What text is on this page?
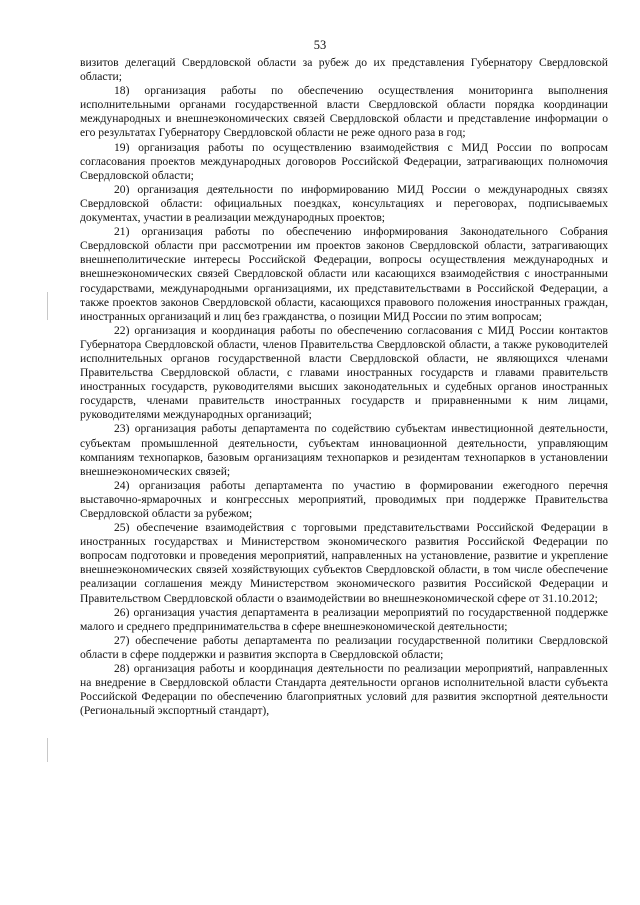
53

визитов делегаций Свердловской области за рубеж до их представления Губернатору Свердловской области;

18) организация работы по обеспечению осуществления мониторинга выполнения исполнительными органами государственной власти Свердловской области порядка координации международных и внешнеэкономических связей Свердловской области и представление информации о его результатах Губернатору Свердловской области не реже одного раза в год;

19) организация работы по осуществлению взаимодействия с МИД России по вопросам согласования проектов международных договоров Российской Федерации, затрагивающих полномочия Свердловской области;

20) организация деятельности по информированию МИД России о международных связях Свердловской области: официальных поездках, консультациях и переговорах, подписываемых документах, участии в реализации международных проектов;

21) организация работы по обеспечению информирования Законодательного Собрания Свердловской области при рассмотрении им проектов законов Свердловской области, затрагивающих внешнеполитические интересы Российской Федерации, вопросы осуществления международных и внешнеэкономических связей Свердловской области или касающихся взаимодействия с иностранными государствами, международными организациями, их представительствами в Российской Федерации, а также проектов законов Свердловской области, касающихся правового положения иностранных граждан, иностранных организаций и лиц без гражданства, о позиции МИД России по этим вопросам;

22) организация и координация работы по обеспечению согласования с МИД России контактов Губернатора Свердловской области, членов Правительства Свердловской области, а также руководителей исполнительных органов государственной власти Свердловской области, не являющихся членами Правительства Свердловской области, с главами иностранных государств и главами правительств иностранных государств, руководителями высших законодательных и судебных органов иностранных государств, членами правительств иностранных государств и приравненными к ним лицами, руководителями международных организаций;

23) организация работы департамента по содействию субъектам инвестиционной деятельности, субъектам промышленной деятельности, субъектам инновационной деятельности, управляющим компаниям технопарков, базовым организациям технопарков и резидентам технопарков в установлении внешнеэкономических связей;

24) организация работы департамента по участию в формировании ежегодного перечня выставочно-ярмарочных и конгрессных мероприятий, проводимых при поддержке Правительства Свердловской области за рубежом;

25) обеспечение взаимодействия с торговыми представительствами Российской Федерации в иностранных государствах и Министерством экономического развития Российской Федерации по вопросам подготовки и проведения мероприятий, направленных на установление, развитие и укрепление внешнеэкономических связей хозяйствующих субъектов Свердловской области, в том числе обеспечение реализации соглашения между Министерством экономического развития Российской Федерации и Правительством Свердловской области о взаимодействии во внешнеэкономической сфере от 31.10.2012;

26) организация участия департамента в реализации мероприятий по государственной поддержке малого и среднего предпринимательства в сфере внешнеэкономической деятельности;

27) обеспечение работы департамента по реализации государственной политики Свердловской области в сфере поддержки и развития экспорта в Свердловской области;

28) организация работы и координация деятельности по реализации мероприятий, направленных на внедрение в Свердловской области Стандарта деятельности органов исполнительной власти субъекта Российской Федерации по обеспечению благоприятных условий для развития экспортной деятельности (Региональный экспортный стандарт),
